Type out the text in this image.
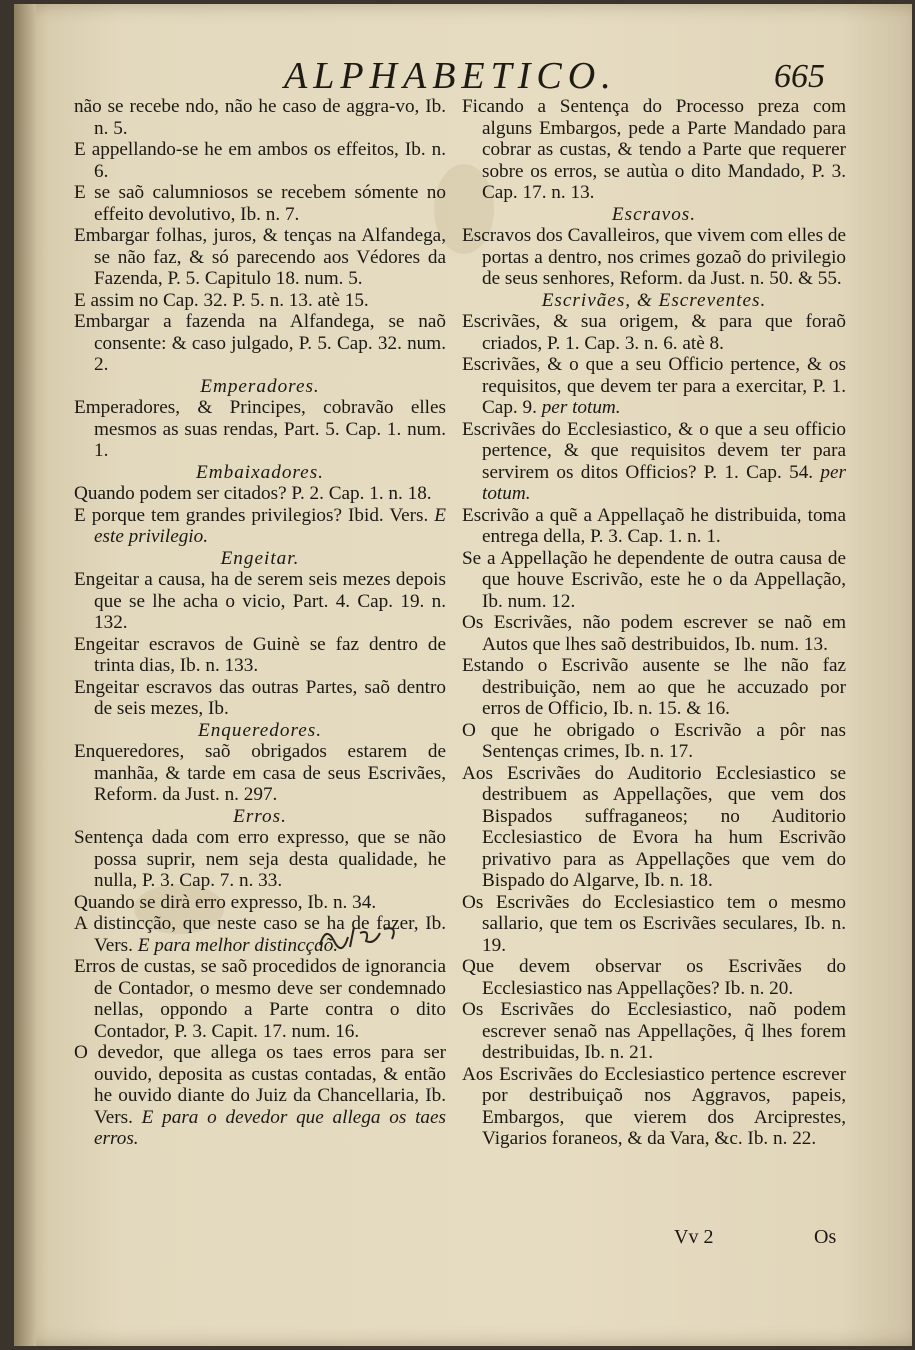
ALPHABETICO.	665
não se recebe ndo, não he caso de aggra-vo, Ib. n. 5.
E appellando-se he em ambos os effeitos, Ib. n. 6.
E se saõ calumniosos se recebem sómente no effeito devolutivo, Ib. n. 7.
Embargar folhas, juros, & tenças na Alfandega, se não faz, & só parecendo aos Védores da Fazenda, P. 5. Capitulo 18. num. 5.
E assim no Cap. 32. P. 5. n. 13. atè 15.
Embargar a fazenda na Alfandega, se naõ consente: & caso julgado, P. 5. Cap. 32. num. 2.
Emperadores.
Emperadores, & Principes, cobravão elles mesmos as suas rendas, Part. 5. Cap. 1. num. 1.
Embaixadores.
Quando podem ser citados? P. 2. Cap. 1. n. 18.
E porque tem grandes privilegios? Ibid. Vers. E este privilegio.
Engeitar.
Engeitar a causa, ha de serem seis mezes depois que se lhe acha o vicio, Part. 4. Cap. 19. n. 132.
Engeitar escravos de Guinè se faz dentro de trinta dias, Ib. n. 133.
Engeitar escravos das outras Partes, saõ dentro de seis mezes, Ib.
Enqueredores.
Enqueredores, saõ obrigados estarem de manhãa, & tarde em casa de seus Escrivães, Reform. da Just. n. 297.
Erros.
Sentença dada com erro expresso, que se não possa suprir, nem seja desta qualidade, he nulla, P. 3. Cap. 7. n. 33.
Quando se dirà erro expresso, Ib. n. 34.
A distincção, que neste caso se ha de fazer, Ib. Vers. E para melhor distincçaõ.
Erros de custas, se saõ procedidos de ignorancia de Contador, o mesmo deve ser condemnado nellas, oppondo a Parte contra o dito Contador, P. 3. Capit. 17. num. 16.
O devedor, que allega os taes erros para ser ouvido, deposita as custas contadas, & então he ouvido diante do Juiz da Chancellaria, Ib. Vers. E para o devedor que allega os taes erros.
Ficando a Sentença do Processo preza com alguns Embargos, pede a Parte Mandado para cobrar as custas, & tendo a Parte que requerer sobre os erros, se autùa o dito Mandado, P. 3. Cap. 17. n. 13.
Escravos.
Escravos dos Cavalleiros, que vivem com elles de portas a dentro, nos crimes gozaõ do privilegio de seus senhores, Reform. da Just. n. 50. & 55.
Escrivães, & Escreventes.
Escrivães, & sua origem, & para que foraõ criados, P. 1. Cap. 3. n. 6. atè 8.
Escrivães, & o que a seu Officio pertence, & os requisitos, que devem ter para a exercitar, P. 1. Cap. 9. per totum.
Escrivães do Ecclesiastico, & o que a seu officio pertence, & que requisitos devem ter para servirem os ditos Officios? P. 1. Cap. 54. per totum.
Escrivão a quẽ a Appellaçaõ he distribuida, toma entrega della, P. 3. Cap. 1. n. 1.
Se a Appellação he dependente de outra causa de que houve Escrivão, este he o da Appellação, Ib. num. 12.
Os Escrivães, não podem escrever se naõ em Autos que lhes saõ destribuidos, Ib. num. 13.
Estando o Escrivão ausente se lhe não faz destribuição, nem ao que he accuzado por erros de Officio, Ib. n. 15. & 16.
O que he obrigado o Escrivão a pôr nas Sentenças crimes, Ib. n. 17.
Aos Escrivães do Auditorio Ecclesiastico se destribuem as Appellações, que vem dos Bispados suffraganeos; no Auditorio Ecclesiastico de Evora ha hum Escrivão privativo para as Appellações que vem do Bispado do Algarve, Ib. n. 18.
Os Escrivães do Ecclesiastico tem o mesmo sallario, que tem os Escrivães seculares, Ib. n. 19.
Que devem observar os Escrivães do Ecclesiastico nas Appellações? Ib. n. 20.
Os Escrivães do Ecclesiastico, naõ podem escrever senaõ nas Appellações, q̃ lhes forem destribuidas, Ib. n. 21.
Aos Escrivães do Ecclesiastico pertence escrever por destribuiçaõ nos Aggravos, papeis, Embargos, que vierem dos Arciprestes, Vigarios foraneos, & da Vara, &c. Ib. n. 22.
Vv 2	Os
